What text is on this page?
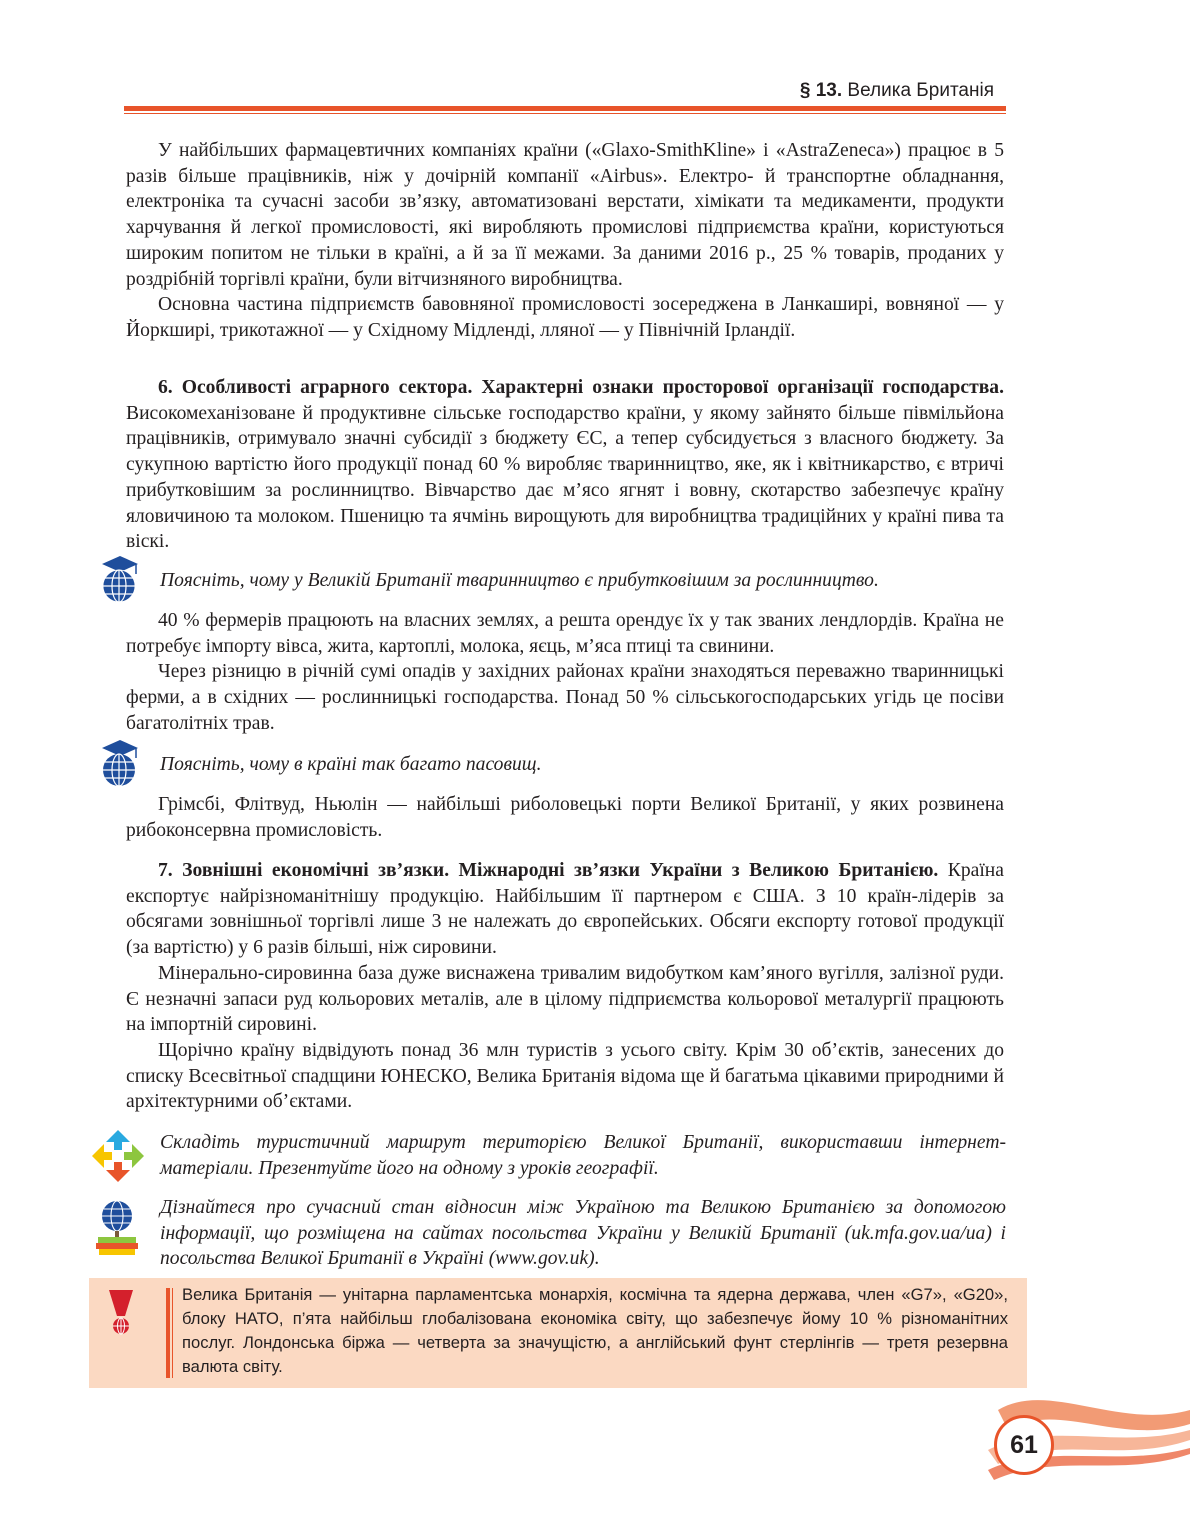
§ 13. Велика Британія

У найбільших фармацевтичних компаніях країни («Glaxo-SmithKline» і «AstraZeneca») працює в 5 разів більше працівників, ніж у дочірній компанії «Airbus». Електро- й транспортне обладнання, електроніка та сучасні засоби зв’язку, автоматизовані верстати, хімікати та медикаменти, продукти харчування й легкої промисловості, які виробляють промислові підприємства країни, користуються широким попитом не тільки в країні, а й за її межами. За даними 2016 р., 25 % товарів, проданих у роздрібній торгівлі країни, були вітчизняного виробництва.

Основна частина підприємств бавовняної промисловості зосереджена в Ланкаширі, вовняної — у Йоркширі, трикотажної — у Східному Мідленді, лляної — у Північній Ірландії.

6. Особливості аграрного сектора. Характерні ознаки просторової організації господарства. Високомеханізоване й продуктивне сільське господарство країни, у якому зайнято більше півмільйона працівників, отримувало значні субсидії з бюджету ЄС, а тепер субсидується з власного бюджету. За сукупною вартістю його продукції понад 60 % виробляє тваринництво, яке, як і квітникарство, є втричі прибутковішим за рослинництво. Вівчарство дає м’ясо ягнят і вовну, скотарство забезпечує країну яловичиною та молоком. Пшеницю та ячмінь вирощують для виробництва традиційних у країні пива та віскі.

Поясніть, чому у Великій Британії тваринництво є прибутковішим за рослинництво.

40 % фермерів працюють на власних землях, а решта орендує їх у так званих лендлордів. Країна не потребує імпорту вівса, жита, картоплі, молока, яєць, м’яса птиці та свинини.

Через різницю в річній сумі опадів у західних районах країни знаходяться переважно тваринницькі ферми, а в східних — рослинницькі господарства. Понад 50 % сільськогосподарських угідь це посіви багатолітніх трав.

Поясніть, чому в країні так багато пасовищ.

Грімсбі, Флітвуд, Ньюлін — найбільші риболовецькі порти Великої Британії, у яких розвинена рибоконсервна промисловість.

7. Зовнішні економічні зв’язки. Міжнародні зв’язки України з Великою Британією. Країна експортує найрізноманітнішу продукцію. Найбільшим її партнером є США. З 10 країн-лідерів за обсягами зовнішньої торгівлі лише 3 не належать до європейських. Обсяги експорту готової продукції (за вартістю) у 6 разів більші, ніж сировини.

Мінерально-сировинна база дуже виснажена тривалим видобутком кам’яного вугілля, залізної руди. Є незначні запаси руд кольорових металів, але в цілому підприємства кольорової металургії працюють на імпортній сировині.

Щорічно країну відвідують понад 36 млн туристів з усього світу. Крім 30 об’єктів, занесених до списку Всесвітньої спадщини ЮНЕСКО, Велика Британія відома ще й багатьма цікавими природними й архітектурними об’єктами.

Складіть туристичний маршрут територією Великої Британії, використавши інтернет-матеріали. Презентуйте його на одному з уроків географії.
Дізнайтеся про сучасний стан відносин між Україною та Великою Британією за допомогою інформації, що розміщена на сайтах посольства України у Великій Британії (uk.mfa.gov.ua/ua) і посольства Великої Британії в Україні (www.gov.uk).
Велика Британія — унітарна парламентська монархія, космічна та ядерна держава, член «G7», «G20», блоку НАТО, п’ята найбільш глобалізована економіка світу, що забезпечує йому 10 % різноманітних послуг. Лондонська біржа — четверта за значущістю, а англійський фунт стерлінгів — третя резервна валюта світу.
61
